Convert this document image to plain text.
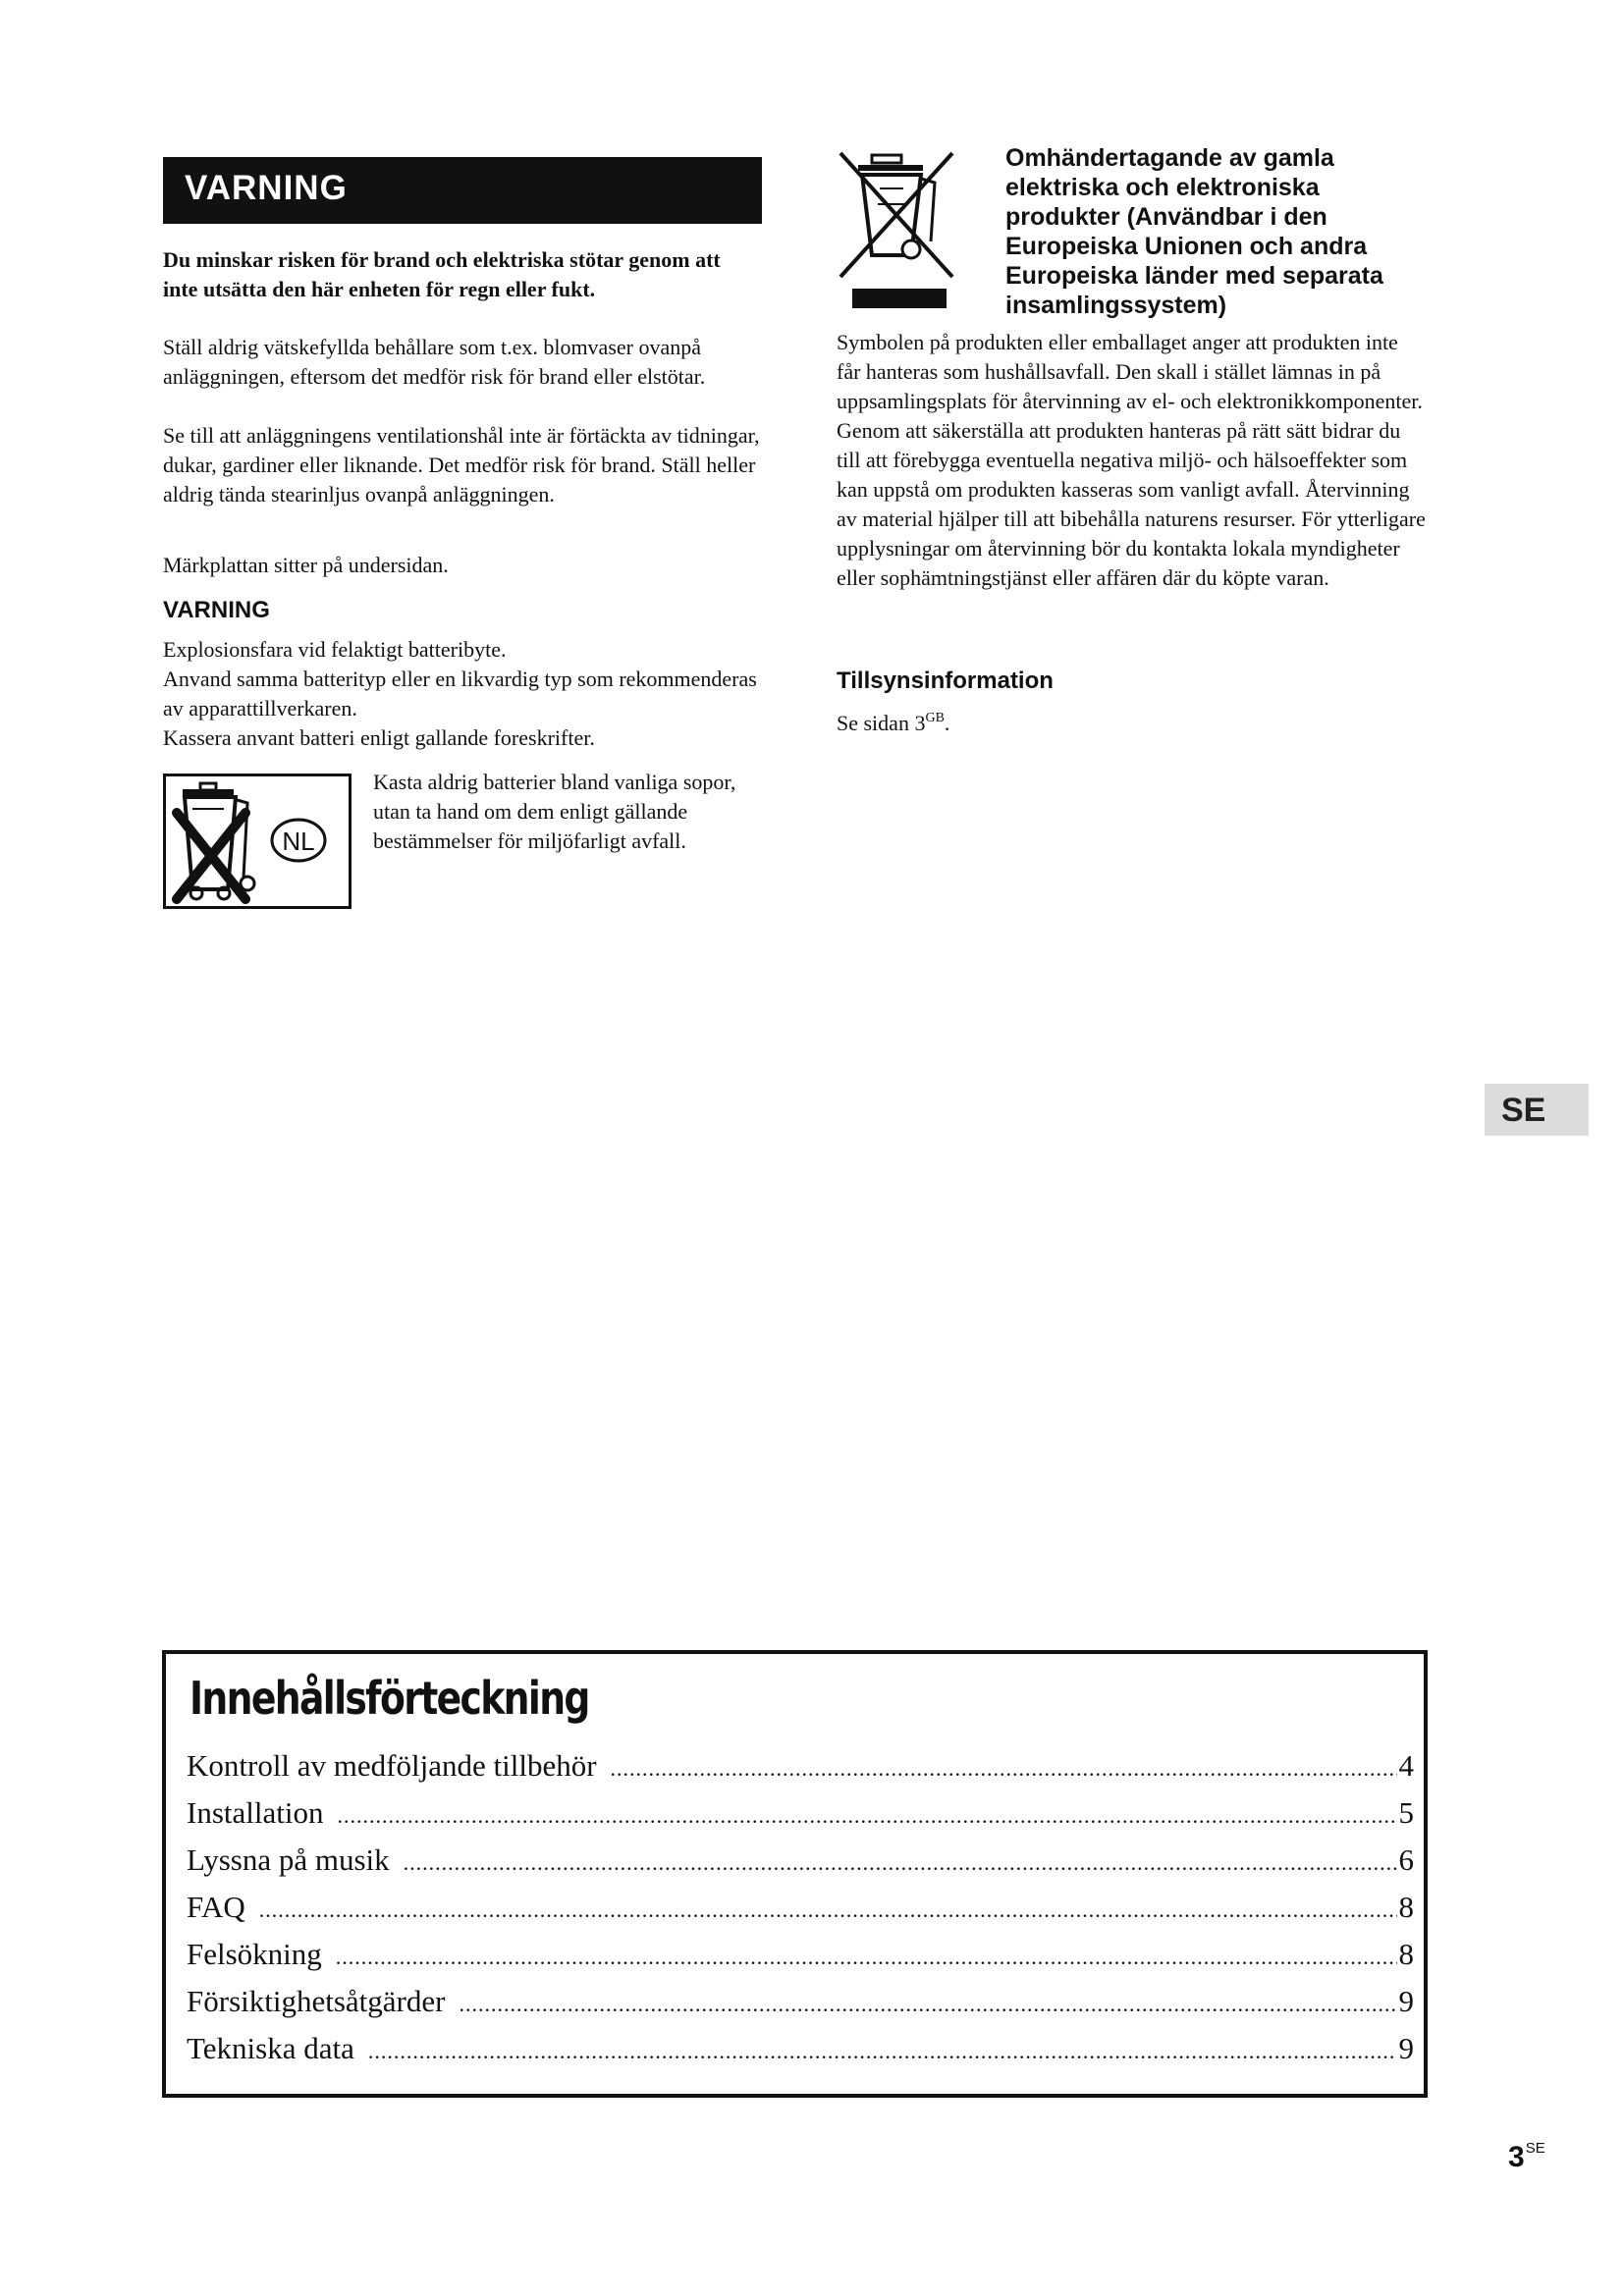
VARNING
Du minskar risken för brand och elektriska stötar genom att inte utsätta den här enheten för regn eller fukt.
Ställ aldrig vätskefyllda behållare som t.ex. blomvaser ovanpå anläggningen, eftersom det medför risk för brand eller elstötar.
Se till att anläggningens ventilationshål inte är förtäckta av tidningar, dukar, gardiner eller liknande. Det medför risk för brand. Ställ heller aldrig tända stearinljus ovanpå anläggningen.
Märkplattan sitter på undersidan.
VARNING
Explosionsfara vid felaktigt batteribyte.
Anvand samma batterityp eller en likvardig typ som rekommenderas av apparattillverkaren.
Kassera anvant batteri enligt gallande foreskrifter.
NL
Kasta aldrig batterier bland vanliga sopor, utan ta hand om dem enligt gällande bestämmelser för miljöfarligt avfall.
Omhändertagande av gamla elektriska och elektroniska produkter (Användbar i den Europeiska Unionen och andra Europeiska länder med separata insamlingssystem)
Symbolen på produkten eller emballaget anger att produkten inte får hanteras som hushållsavfall. Den skall i stället lämnas in på uppsamlingsplats för återvinning av el- och elektronikkomponenter. Genom att säkerställa att produkten hanteras på rätt sätt bidrar du till att förebygga eventuella negativa miljö- och hälsoeffekter som kan uppstå om produkten kasseras som vanligt avfall. Återvinning av material hjälper till att bibehålla naturens resurser. För ytterligare upplysningar om återvinning bör du kontakta lokala myndigheter eller sophämtningstjänst eller affären där du köpte varan.
Tillsynsinformation
Se sidan $3^{GB}$.
SE
Innehållsförteckning
Kontroll av medföljande tillbehör .....	4
Installation .....	5
Lyssna på musik .....	6
FAQ .....	8
Felsökning .....	8
Försiktighetsåtgärder .....	9
Tekniska data .....	9
$3^{SE}$
